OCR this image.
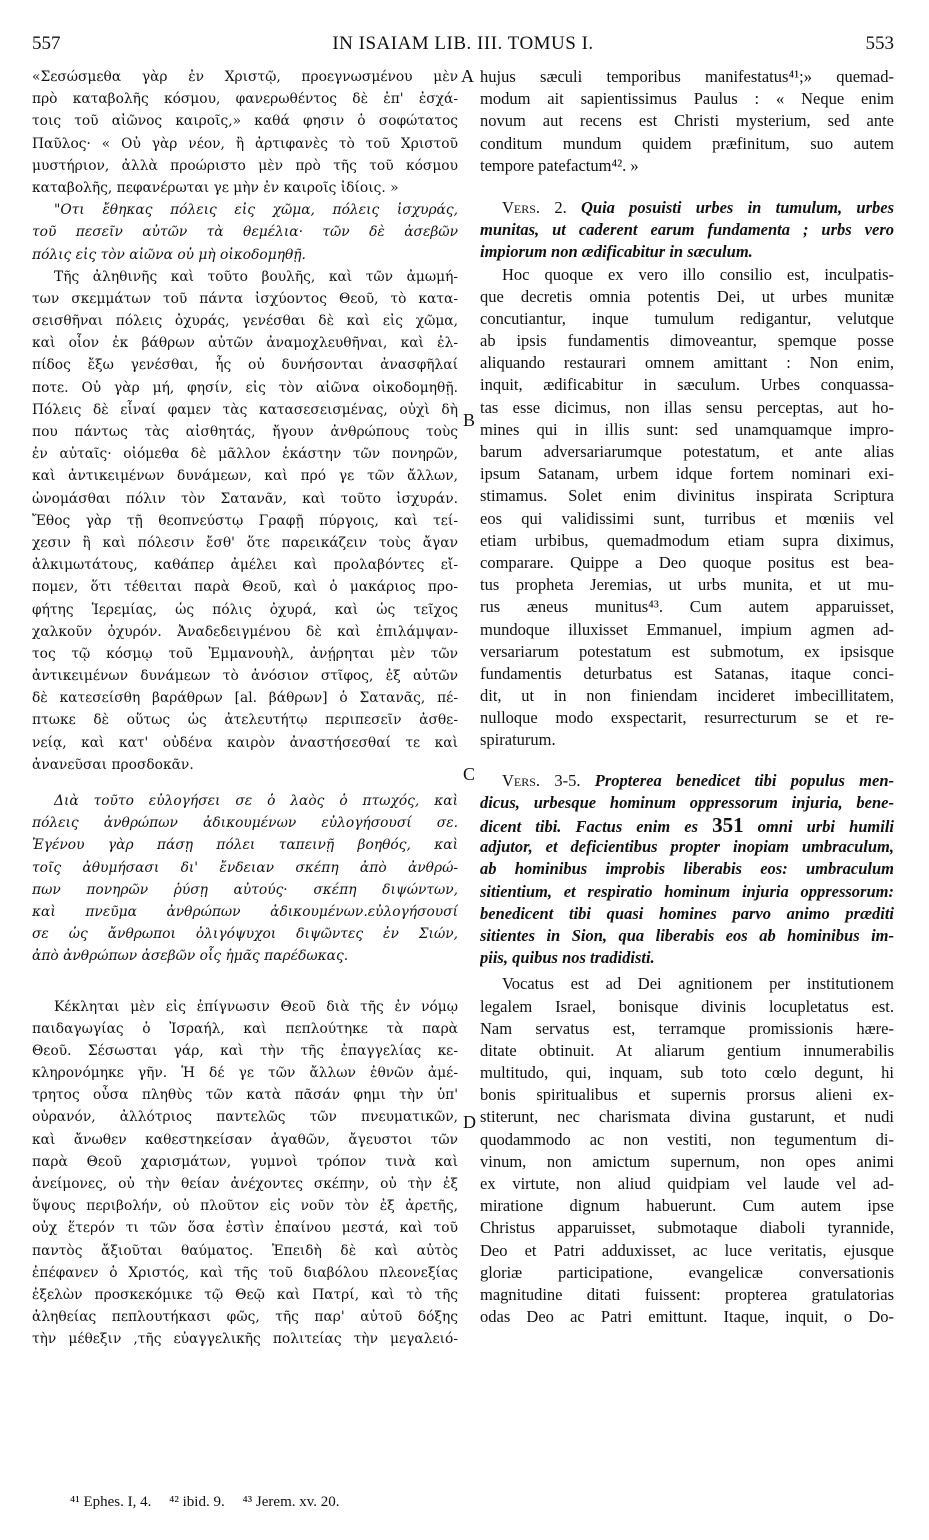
557	IN ISAIAM LIB. III. TOMUS I.	553
«Σεσώσμεθα γὰρ ἐν Χριστῷ, προεγνωσμένου μὲν
πρὸ καταβολῆς κόσμου, φανερωθέντος δὲ ἐπ' ἐσχά-
τοις τοῦ αἰῶνος καιροῖς,» καθά φησιν ὁ σοφώτατος
Παῦλος· « Οὐ γὰρ νέον, ἢ ἀρτιφανὲς τὸ τοῦ Χριστοῦ
μυστήριον, ἀλλὰ προώριστο μὲν πρὸ τῆς τοῦ κόσμου
καταβολῆς, πεφανέρωται γε μὴν ἐν καιροῖς ἰδίοις. »
"Οτι ἔθηκας πόλεις εἰς χῶμα, πόλεις ἰσχυράς,
τοῦ πεσεῖν αὐτῶν τὰ θεμέλια· τῶν δὲ ἀσεβῶν
πόλις εἰς τὸν αἰῶνα οὐ μὴ οἰκοδομηθῇ.
Τῆς ἀληθινῆς καὶ τοῦτο βουλῆς, καὶ τῶν ἀμωμή-
των σκεμμάτων τοῦ πάντα ἰσχύοντος Θεοῦ, τὸ κατα-
σεισθῆναι πόλεις ὀχυράς, γενέσθαι δὲ καὶ εἰς χῶμα,
καὶ οἷον ἐκ βάθρων αὐτῶν ἀναμοχλευθῆναι, καὶ ἐλ-
πίδος ἔξω γενέσθαι, ἧς οὐ δυνήσονται ἀνασφῆλαί
ποτε. Οὐ γὰρ μή, φησίν, εἰς τὸν αἰῶνα οἰκοδομηθῇ.
Πόλεις δὲ εἶναί φαμεν τὰς κατασεσεισμένας, οὐχὶ δὴ
που πάντως τὰς αἰσθητάς, ἤγουν ἀνθρώπους τοὺς
ἐν αὐταῖς· οἰόμεθα δὲ μᾶλλον ἑκάστην τῶν πονηρῶν,
καὶ ἀντικειμένων δυνάμεων, καὶ πρό γε τῶν ἄλλων,
ὠνομάσθαι πόλιν τὸν Σατανᾶν, καὶ τοῦτο ἰσχυράν.
Ἔθος γὰρ τῇ θεοπνεύστῳ Γραφῇ πύργοις, καὶ τεί-
χεσιν ἢ καὶ πόλεσιν ἔσθ' ὅτε παρεικάζειν τοὺς ἄγαν
ἀλκιμωτάτους, καθάπερ ἀμέλει καὶ προλαβόντες εἴ-
πομεν, ὅτι τέθειται παρὰ Θεοῦ, καὶ ὁ μακάριος προ-
φήτης Ἱερεμίας, ὡς πόλις ὀχυρά, καὶ ὡς τεῖχος
χαλκοῦν ὀχυρόν. Ἀναδεδειγμένου δὲ καὶ ἐπιλάμψαν-
τος τῷ κόσμῳ τοῦ Ἐμμανουὴλ, ἀνῄρηται μὲν τῶν
ἀντικειμένων δυνάμεων τὸ ἀνόσιον στῖφος, ἐξ αὐτῶν
δὲ κατεσείσθη βαράθρων [al. βάθρων] ὁ Σατανᾶς, πέ-
πτωκε δὲ οὕτως ὡς ἀτελευτήτῳ περιπεσεῖν ἀσθε-
νείᾳ, καὶ κατ' οὐδένα καιρὸν ἀναστήσεσθαί τε καὶ
ἀνανεῦσαι προσδοκᾶν.
Διὰ τοῦτο εὐλογήσει σε ὁ λαὸς ὁ πτωχός, καὶ
πόλεις ἀνθρώπων ἀδικουμένων εὐλογήσουσί σε.
Ἐγένου γὰρ πάσῃ πόλει ταπεινῇ βοηθός, καὶ
τοῖς ἀθυμήσασι δι' ἔνδειαν σκέπη ἀπὸ ἀνθρώ-
πων πονηρῶν ῥύσῃ αὐτούς· σκέπη διψώντων,
καὶ πνεῦμα ἀνθρώπων ἀδικουμένων.εὐλογήσουσί
σε ὡς ἄνθρωποι ὀλιγόψυχοι διψῶντες ἐν Σιών,
ἀπὸ ἀνθρώπων ἀσεβῶν οἷς ἡμᾶς παρέδωκας.
Κέκληται μὲν εἰς ἐπίγνωσιν Θεοῦ διὰ τῆς ἐν νόμῳ
παιδαγωγίας ὁ Ἰσραήλ, καὶ πεπλούτηκε τὰ παρὰ
Θεοῦ. Σέσωσται γάρ, καὶ τὴν τῆς ἐπαγγελίας κε-
κληρονόμηκε γῆν. Ἡ δέ γε τῶν ἄλλων ἐθνῶν ἀμέ-
τρητος οὖσα πληθὺς τῶν κατὰ πᾶσάν φημι τὴν ὑπ'
οὐρανόν, ἀλλότριος παντελῶς τῶν πνευματικῶν,
καὶ ἄνωθεν καθεστηκείσαν ἀγαθῶν, ἄγευστοι τῶν
παρὰ Θεοῦ χαρισμάτων, γυμνοὶ τρόπον τινὰ καὶ
ἀνείμονες, οὐ τὴν θείαν ἀνέχοντες σκέπην, οὐ τὴν ἐξ
ὕψους περιβολήν, οὐ πλοῦτον εἰς νοῦν τὸν ἐξ ἀρετῆς,
οὐχ ἕτερόν τι τῶν ὅσα ἐστὶν ἐπαίνου μεστά, καὶ τοῦ
παντὸς ἄξιοῦται θαύματος. Ἐπειδὴ δὲ καὶ αὐτὸς
ἐπέφανεν ὁ Χριστός, καὶ τῆς τοῦ διαβόλου πλεονεξίας
ἐξελὼν προσκεκόμικε τῷ Θεῷ καὶ Πατρί, καὶ τὸ τῆς
ἀληθείας πεπλουτήκασι φῶς, τῆς παρ' αὐτοῦ δόξης
τὴν μέθεξιν ,τῆς εὐαγγελικῆς πολιτείας τὴν μεγαλειό-
hujus sæculi temporibus manifestatus⁴¹;» quemad-
modum ait sapientissimus Paulus : « Neque enim
novum aut recens est Christi mysterium, sed ante
conditum mundum quidem præfinitum, suo autem
tempore patefactum⁴². »
Vers. 2. Quia posuisti urbes in tumulum, urbes
munitas, ut caderent earum fundamenta ; urbs vero
impiorum non ædificabitur in sæculum.
Hoc quoque ex vero illo consilio est, inculpatis-
que decretis omnia potentis Dei, ut urbes munitæ
concutiantur, inque tumulum redigantur, velutque
ab ipsis fundamentis dimoveantur, spemque posse
aliquando restaurari omnem amittant : Non enim,
inquit, ædificabitur in sæculum. Urbes conquassa-
tas esse dicimus, non illas sensu perceptas, aut ho-
mines qui in illis sunt: sed unamquamque impro-
barum adversariarumque potestatum, et ante alias
ipsum Satanam, urbem idque fortem nominari exi-
stimamus. Solet enim divinitus inspirata Scriptura
eos qui validissimi sunt, turribus et mœniis vel
etiam urbibus, quemadmodum etiam supra diximus,
comparare. Quippe a Deo quoque positus est bea-
tus propheta Jeremias, ut urbs munita, et ut mu-
rus æneus munitus⁴³. Cum autem apparuisset,
mundoque illuxisset Emmanuel, impium agmen ad-
versariarum potestatum est submotum, ex ipsisque
fundamentis deturbatus est Satanas, itaque conci-
dit, ut in non finiendam incideret imbecillitatem,
nulloque modo exspectarit, resurrecturum se et re-
spiraturum.
Vers. 3-5. Propterea benedicet tibi populus men-
dicus, urbesque hominum oppressorum injuria, bene-
dicent tibi. Factus enim es 351 omni urbi humili
adjutor, et deficientibus propter inopiam umbraculum,
ab hominibus improbis liberabis eos: umbraculum
sitientium, et respiratio hominum injuria oppressorum:
benedicent tibi quasi homines parvo animo præditi
sitientes in Sion, qua liberabis eos ab hominibus im-
piis, quibus nos tradidisti.
Vocatus est ad Dei agnitionem per institutionem
legalem Israel, bonisque divinis locupletatus est.
Nam servatus est, terramque promissionis hære-
ditate obtinuit. At aliarum gentium innumerabilis
multitudo, qui, inquam, sub toto cœlo degunt, hi
bonis spiritualibus et supernis prorsus alieni ex-
stiterunt, nec charismata divina gustarunt, et nudi
quodammodo ac non vestiti, non tegumentum di-
vinum, non amictum supernum, non opes animi
ex virtute, non aliud quidpiam vel laude vel ad-
miratione dignum habuerunt. Cum autem ipse
Christus apparuisset, submotaque diaboli tyrannide,
Deo et Patri adduxisset, ac luce veritatis, ejusque
gloriæ participatione, evangelicæ conversationis
magnitudine ditati fuissent: propterea gratulatorias
odas Deo ac Patri emittunt. Itaque, inquit, o Do-
A
B
C
D
⁴¹ Ephes. I, 4. ⁴² ibid. 9. ⁴³ Jerem. xv. 20.
